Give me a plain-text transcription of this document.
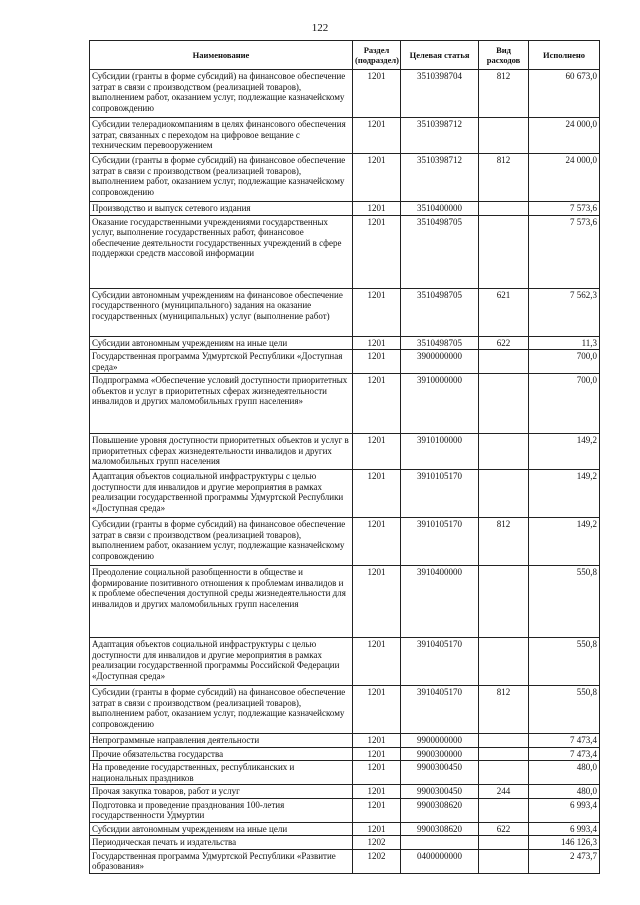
122
Наименование	Раздел (подраздел)	Целевая статья	Вид расходов	Исполнено
Субсидии (гранты в форме субсидий) на финансовое обеспечение затрат в связи с производством (реализацией товаров), выполнением работ, оказанием услуг, подлежащие казначейскому сопровождению	1201	3510398704	812	60 673,0
Субсидии телерадиокомпаниям в целях финансового обеспечения затрат, связанных с переходом на цифровое вещание с техническим перевооружением	1201	3510398712		24 000,0
Субсидии (гранты в форме субсидий) на финансовое обеспечение затрат в связи с производством (реализацией товаров), выполнением работ, оказанием услуг, подлежащие казначейскому сопровождению	1201	3510398712	812	24 000,0
Производство и выпуск сетевого издания	1201	3510400000		7 573,6
Оказание государственными учреждениями государственных услуг, выполнение государственных работ, финансовое обеспечение деятельности государственных учреждений в сфере поддержки средств массовой информации	1201	3510498705		7 573,6
Субсидии автономным учреждениям на финансовое обеспечение государственного (муниципального) задания на оказание государственных (муниципальных) услуг (выполнение работ)	1201	3510498705	621	7 562,3
Субсидии автономным учреждениям на иные цели	1201	3510498705	622	11,3
Государственная программа Удмуртской Республики «Доступная среда»	1201	3900000000		700,0
Подпрограмма «Обеспечение условий доступности приоритетных объектов и услуг в приоритетных сферах жизнедеятельности инвалидов и других маломобильных групп населения»	1201	3910000000		700,0
Повышение уровня доступности приоритетных объектов и услуг в приоритетных сферах жизнедеятельности инвалидов и других маломобильных групп населения	1201	3910100000		149,2
Адаптация объектов социальной инфраструктуры с целью доступности для инвалидов и другие мероприятия в рамках реализации государственной программы Удмуртской Республики «Доступная среда»	1201	3910105170		149,2
Субсидии (гранты в форме субсидий) на финансовое обеспечение затрат в связи с производством (реализацией товаров), выполнением работ, оказанием услуг, подлежащие казначейскому сопровождению	1201	3910105170	812	149,2
Преодоление социальной разобщенности в обществе и формирование позитивного отношения к проблемам инвалидов и к проблеме обеспечения доступной среды жизнедеятельности для инвалидов и других маломобильных групп населения	1201	3910400000		550,8
Адаптация объектов социальной инфраструктуры с целью доступности для инвалидов и другие мероприятия в рамках реализации государственной программы Российской Федерации «Доступная среда»	1201	3910405170		550,8
Субсидии (гранты в форме субсидий) на финансовое обеспечение затрат в связи с производством (реализацией товаров), выполнением работ, оказанием услуг, подлежащие казначейскому сопровождению	1201	3910405170	812	550,8
Непрограммные направления деятельности	1201	9900000000		7 473,4
Прочие обязательства государства	1201	9900300000		7 473,4
На проведение государственных, республиканских и национальных праздников	1201	9900300450		480,0
Прочая закупка товаров, работ и услуг	1201	9900300450	244	480,0
Подготовка и проведение празднования 100-летия государственности Удмуртии	1201	9900308620		6 993,4
Субсидии автономным учреждениям на иные цели	1201	9900308620	622	6 993,4
Периодическая печать и издательства	1202			146 126,3
Государственная программа Удмуртской Республики «Развитие образования»	1202	0400000000		2 473,7
